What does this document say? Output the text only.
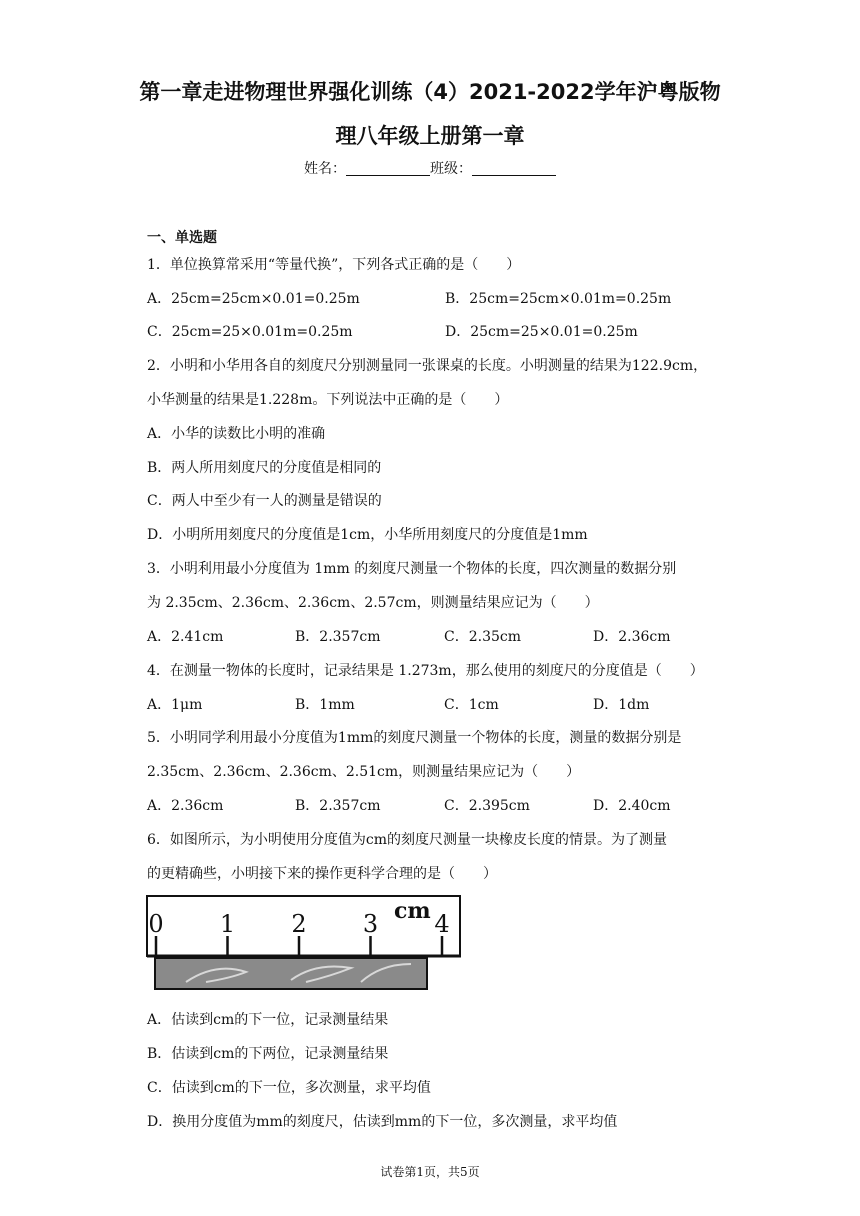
第一章走进物理世界强化训练（4）2021-2022学年沪粤版物
理八年级上册第一章
姓名：	班级：
一、单选题
1．单位换算常采用“等量代换”，下列各式正确的是（　　）
A．25cm=25cm×0.01=0.25m	B．25cm=25cm×0.01m=0.25m
C．25cm=25×0.01m=0.25m	D．25cm=25×0.01=0.25m
2．小明和小华用各自的刻度尺分别测量同一张课桌的长度。小明测量的结果为122.9cm，
小华测量的结果是1.228m。下列说法中正确的是（　　）
A．小华的读数比小明的准确
B．两人所用刻度尺的分度值是相同的
C．两人中至少有一人的测量是错误的
D．小明所用刻度尺的分度值是1cm，小华所用刻度尺的分度值是1mm
3．小明利用最小分度值为 1mm 的刻度尺测量一个物体的长度，四次测量的数据分别
为 2.35cm、2.36cm、2.36cm、2.57cm，则测量结果应记为（　　）
A．2.41cm	B．2.357cm	C．2.35cm	D．2.36cm
4．在测量一物体的长度时，记录结果是 1.273m，那么使用的刻度尺的分度值是（　　）
A．1μm	B．1mm	C．1cm	D．1dm
5．小明同学利用最小分度值为1mm的刻度尺测量一个物体的长度，测量的数据分别是
2.35cm、2.36cm、2.36cm、2.51cm，则测量结果应记为（　　）
A．2.36cm	B．2.357cm	C．2.395cm	D．2.40cm
6．如图所示，为小明使用分度值为cm的刻度尺测量一块橡皮长度的情景。为了测量
的更精确些，小明接下来的操作更科学合理的是（　　）
0 1 2 3 4
cm
A．估读到cm的下一位，记录测量结果
B．估读到cm的下两位，记录测量结果
C．估读到cm的下一位，多次测量，求平均值
D．换用分度值为mm的刻度尺，估读到mm的下一位，多次测量，求平均值
试卷第1页，共5页
